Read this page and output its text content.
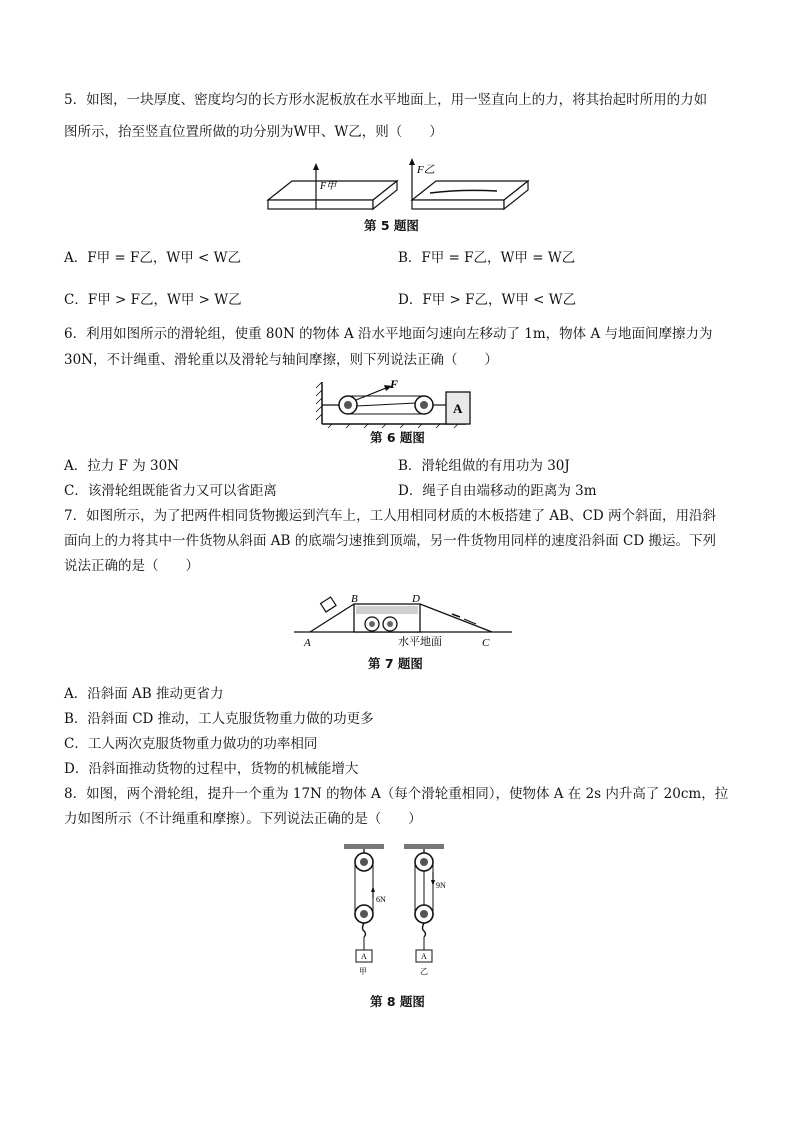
5．如图，一块厚度、密度均匀的长方形水泥板放在水平地面上，用一竖直向上的力，将其抬起时所用的力如
图所示，抬至竖直位置所做的功分别为W甲、W乙，则（　　）
F甲
F乙
第 5 题图
A．F甲 = F乙，W甲 < W乙	B．F甲 = F乙，W甲 = W乙
C．F甲 > F乙，W甲 > W乙	D．F甲 > F乙，W甲 < W乙
6．利用如图所示的滑轮组，使重 80N 的物体 A 沿水平地面匀速向左移动了 1m，物体 A 与地面间摩擦力为
30N，不计绳重、滑轮重以及滑轮与轴间摩擦，则下列说法正确（　　）
F
A
第 6 题图
A．拉力 F 为 30N	B．滑轮组做的有用功为 30J
C．该滑轮组既能省力又可以省距离	D．绳子自由端移动的距离为 3m
7．如图所示，为了把两件相同货物搬运到汽车上，工人用相同材质的木板搭建了 AB、CD 两个斜面，用沿斜
面向上的力将其中一件货物从斜面 AB 的底端匀速推到顶端，另一件货物用同样的速度沿斜面 CD 搬运。下列
说法正确的是（　　）
B	D
A	C
水平地面
第 7 题图
A．沿斜面 AB 推动更省力
B．沿斜面 CD 推动，工人克服货物重力做的功更多
C．工人两次克服货物重力做功的功率相同
D．沿斜面推动货物的过程中，货物的机械能增大
8．如图，两个滑轮组，提升一个重为 17N 的物体 A（每个滑轮重相同），使物体 A 在 2s 内升高了 20cm，拉
力如图所示（不计绳重和摩擦）。下列说法正确的是（　　）
6N
A
甲
9N
A
乙
第 8 题图
